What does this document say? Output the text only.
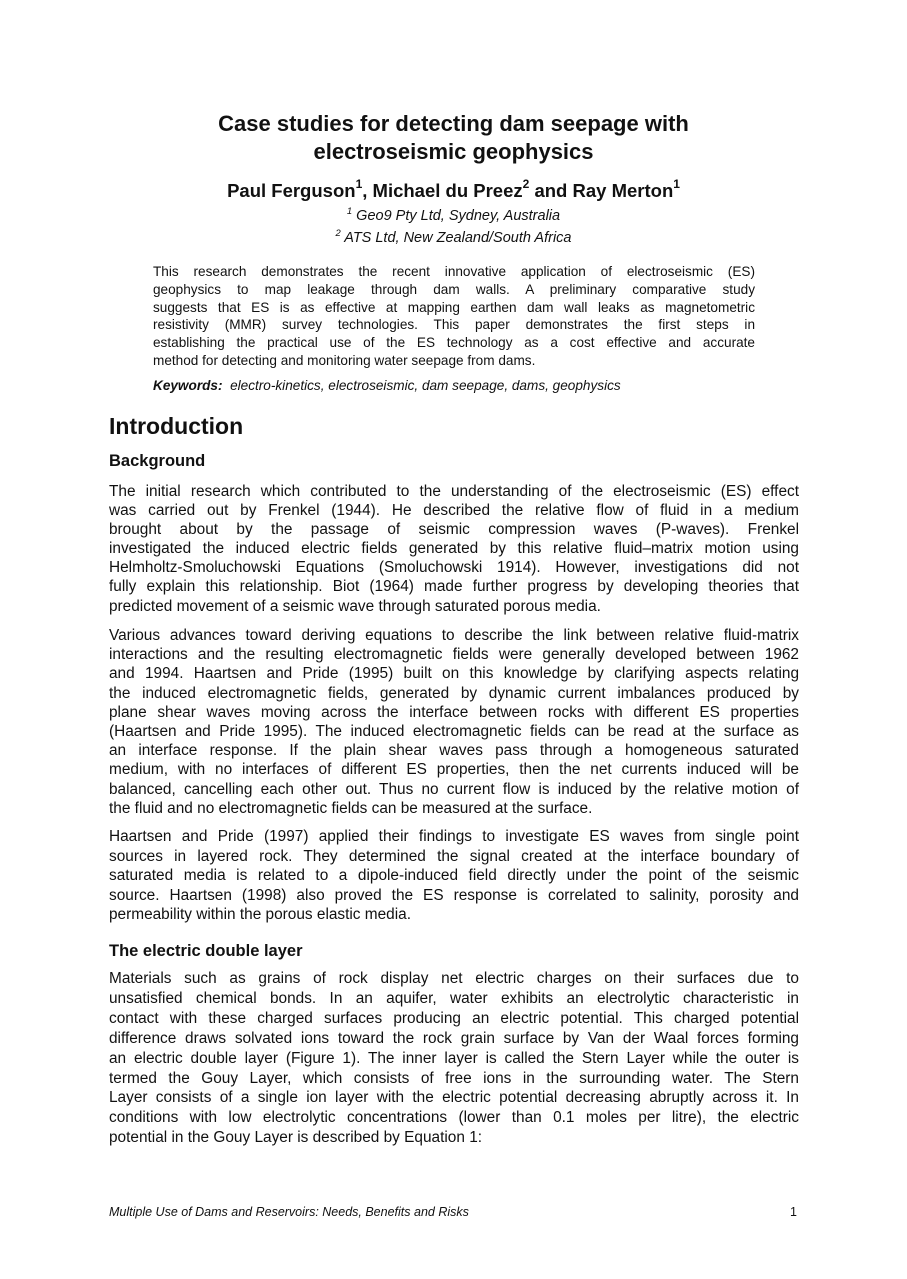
Case studies for detecting dam seepage with
electroseismic geophysics
Paul Ferguson$^1$, Michael du Preez$^2$ and Ray Merton$^1$
$^1$ Geo9 Pty Ltd, Sydney, Australia
$^2$ ATS Ltd, New Zealand/South Africa
This research demonstrates the recent innovative application of electroseismic (ES)
geophysics to map leakage through dam walls. A preliminary comparative study
suggests that ES is as effective at mapping earthen dam wall leaks as magnetometric
resistivity (MMR) survey technologies. This paper demonstrates the first steps in
establishing the practical use of the ES technology as a cost effective and accurate
method for detecting and monitoring water seepage from dams.
Keywords: electro-kinetics, electroseismic, dam seepage, dams, geophysics
Introduction
Background
The initial research which contributed to the understanding of the electroseismic (ES) effect
was carried out by Frenkel (1944). He described the relative flow of fluid in a medium
brought about by the passage of seismic compression waves (P-waves). Frenkel
investigated the induced electric fields generated by this relative fluid–matrix motion using
Helmholtz-Smoluchowski Equations (Smoluchowski 1914). However, investigations did not
fully explain this relationship. Biot (1964) made further progress by developing theories that
predicted movement of a seismic wave through saturated porous media.
Various advances toward deriving equations to describe the link between relative fluid-matrix
interactions and the resulting electromagnetic fields were generally developed between 1962
and 1994. Haartsen and Pride (1995) built on this knowledge by clarifying aspects relating
the induced electromagnetic fields, generated by dynamic current imbalances produced by
plane shear waves moving across the interface between rocks with different ES properties
(Haartsen and Pride 1995). The induced electromagnetic fields can be read at the surface as
an interface response. If the plain shear waves pass through a homogeneous saturated
medium, with no interfaces of different ES properties, then the net currents induced will be
balanced, cancelling each other out. Thus no current flow is induced by the relative motion of
the fluid and no electromagnetic fields can be measured at the surface.
Haartsen and Pride (1997) applied their findings to investigate ES waves from single point
sources in layered rock. They determined the signal created at the interface boundary of
saturated media is related to a dipole-induced field directly under the point of the seismic
source. Haartsen (1998) also proved the ES response is correlated to salinity, porosity and
permeability within the porous elastic media.
The electric double layer
Materials such as grains of rock display net electric charges on their surfaces due to
unsatisfied chemical bonds. In an aquifer, water exhibits an electrolytic characteristic in
contact with these charged surfaces producing an electric potential. This charged potential
difference draws solvated ions toward the rock grain surface by Van der Waal forces forming
an electric double layer (Figure 1). The inner layer is called the Stern Layer while the outer is
termed the Gouy Layer, which consists of free ions in the surrounding water. The Stern
Layer consists of a single ion layer with the electric potential decreasing abruptly across it. In
conditions with low electrolytic concentrations (lower than 0.1 moles per litre), the electric
potential in the Gouy Layer is described by Equation 1:
Multiple Use of Dams and Reservoirs: Needs, Benefits and Risks	1
